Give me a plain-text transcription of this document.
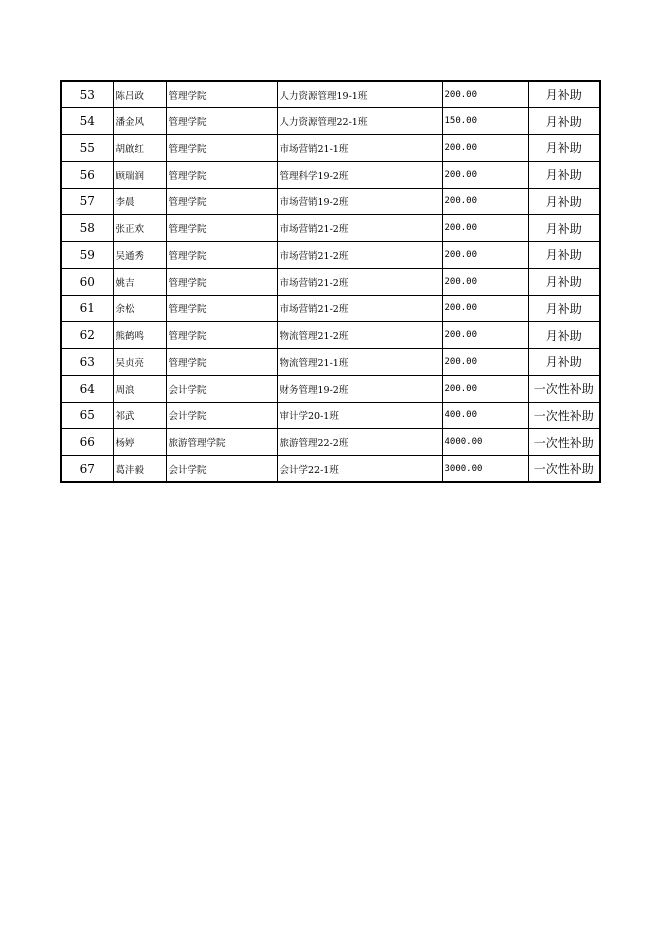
53	陈吕政	管理学院	人力资源管理19-1班	200.00	月补助
54	潘金风	管理学院	人力资源管理22-1班	150.00	月补助
55	胡啟红	管理学院	市场营销21-1班	200.00	月补助
56	顾瑞润	管理学院	管理科学19-2班	200.00	月补助
57	李晨	管理学院	市场营销19-2班	200.00	月补助
58	张正欢	管理学院	市场营销21-2班	200.00	月补助
59	吴通秀	管理学院	市场营销21-2班	200.00	月补助
60	姚吉	管理学院	市场营销21-2班	200.00	月补助
61	余松	管理学院	市场营销21-2班	200.00	月补助
62	熊鹤鸣	管理学院	物流管理21-2班	200.00	月补助
63	吴贞亮	管理学院	物流管理21-1班	200.00	月补助
64	周浪	会计学院	财务管理19-2班	200.00	一次性补助
65	祁武	会计学院	审计学20-1班	400.00	一次性补助
66	杨婷	旅游管理学院	旅游管理22-2班	4000.00	一次性补助
67	葛沣毅	会计学院	会计学22-1班	3000.00	一次性补助
